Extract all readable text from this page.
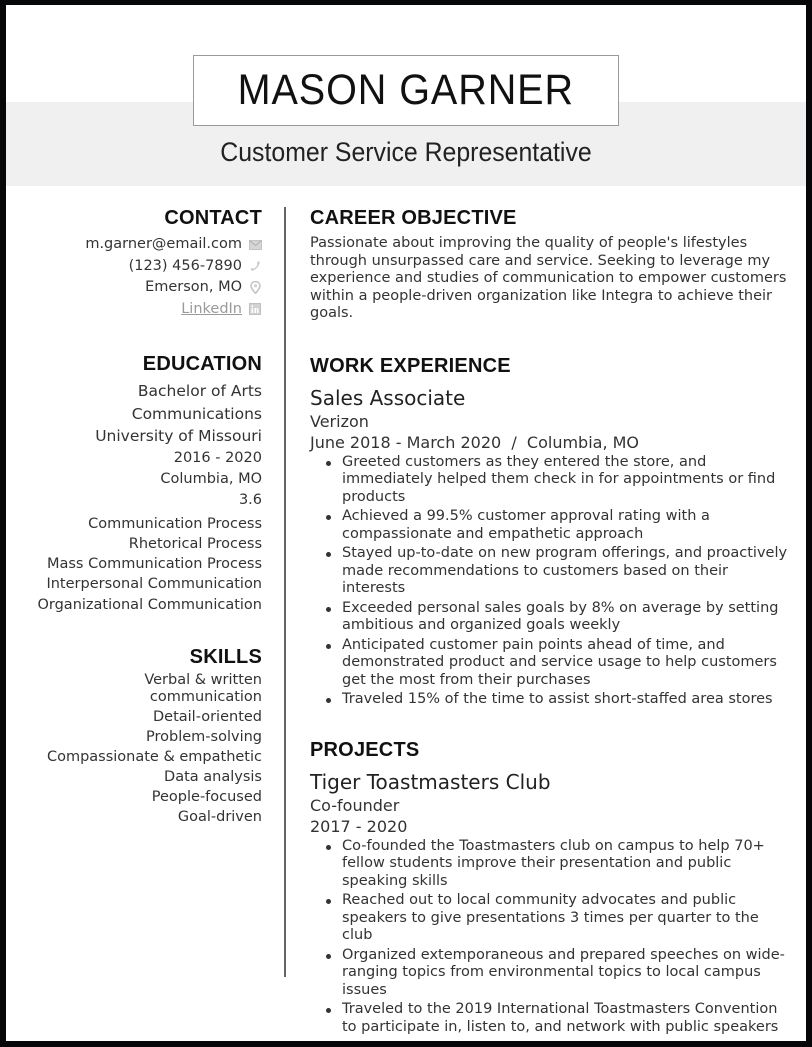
MASON GARNER
Customer Service Representative
CONTACT
m.garner@email.com
(123) 456-7890
Emerson, MO
LinkedIn
EDUCATION
Bachelor of Arts
Communications
University of Missouri
2016 - 2020
Columbia, MO
3.6
Communication Process
Rhetorical Process
Mass Communication Process
Interpersonal Communication
Organizational Communication
SKILLS
Verbal & written communication
Detail-oriented
Problem-solving
Compassionate & empathetic
Data analysis
People-focused
Goal-driven
CAREER OBJECTIVE

Passionate about improving the quality of people's lifestyles through unsurpassed care and service. Seeking to leverage my experience and studies of communication to empower customers within a people-driven organization like Integra to achieve their goals.

WORK EXPERIENCE
Sales Associate
Verizon
June 2018 - March 2020  /  Columbia, MO
Greeted customers as they entered the store, and immediately helped them check in for appointments or find products
Achieved a 99.5% customer approval rating with a compassionate and empathetic approach
Stayed up-to-date on new program offerings, and proactively made recommendations to customers based on their interests
Exceeded personal sales goals by 8% on average by setting ambitious and organized goals weekly
Anticipated customer pain points ahead of time, and demonstrated product and service usage to help customers get the most from their purchases
Traveled 15% of the time to assist short-staffed area stores
PROJECTS
Tiger Toastmasters Club
Co-founder
2017 - 2020
Co-founded the Toastmasters club on campus to help 70+ fellow students improve their presentation and public speaking skills
Reached out to local community advocates and public speakers to give presentations 3 times per quarter to the club
Organized extemporaneous and prepared speeches on wide-ranging topics from environmental topics to local campus issues
Traveled to the 2019 International Toastmasters Convention to participate in, listen to, and network with public speakers
